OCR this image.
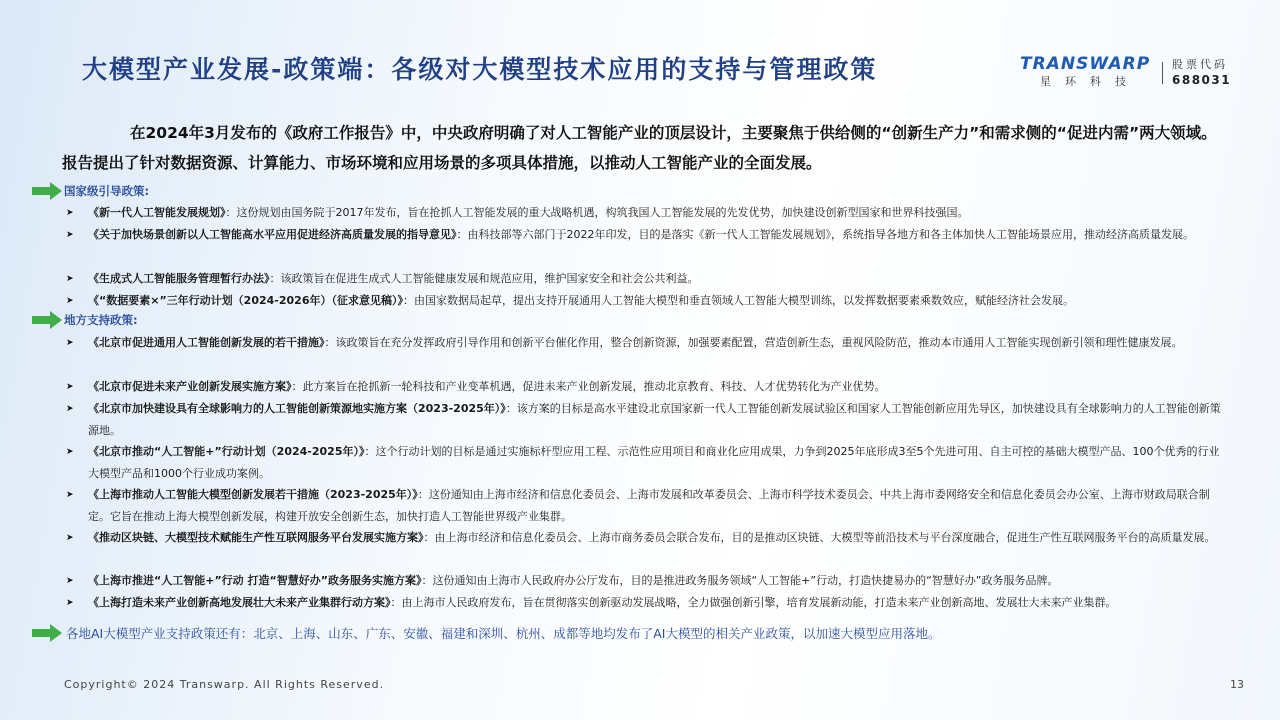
大模型产业发展-政策端：各级对大模型技术应用的支持与管理政策	TRANSWARP
星环科技
股票代码
688031
在2024年3月发布的《政府工作报告》中，中央政府明确了对人工智能产业的顶层设计，主要聚焦于供给侧的“创新生产力”和需求侧的“促进内需”两大领域。报告提出了针对数据资源、计算能力、市场环境和应用场景的多项具体措施，以推动人工智能产业的全面发展。
国家级引导政策:
➤	《新一代人工智能发展规划》：这份规划由国务院于2017年发布，旨在抢抓人工智能发展的重大战略机遇，构筑我国人工智能发展的先发优势，加快建设创新型国家和世界科技强国。
➤	《关于加快场景创新以人工智能高水平应用促进经济高质量发展的指导意见》：由科技部等六部门于2022年印发，目的是落实《新一代人工智能发展规划》，系统指导各地方和各主体加快人工智能场景应用，推动经济高质量发展。
➤	《生成式人工智能服务管理暂行办法》：该政策旨在促进生成式人工智能健康发展和规范应用，维护国家安全和社会公共利益。
➤	《“数据要素×”三年行动计划（2024-2026年）（征求意见稿）》：由国家数据局起草，提出支持开展通用人工智能大模型和垂直领域人工智能大模型训练，以发挥数据要素乘数效应，赋能经济社会发展。
地方支持政策:
➤	《北京市促进通用人工智能创新发展的若干措施》：该政策旨在充分发挥政府引导作用和创新平台催化作用，整合创新资源，加强要素配置，营造创新生态，重视风险防范，推动本市通用人工智能实现创新引领和理性健康发展。
➤	《北京市促进未来产业创新发展实施方案》：此方案旨在抢抓新一轮科技和产业变革机遇，促进未来产业创新发展，推动北京教育、科技、人才优势转化为产业优势。
➤	《北京市加快建设具有全球影响力的人工智能创新策源地实施方案（2023-2025年）》：该方案的目标是高水平建设北京国家新一代人工智能创新发展试验区和国家人工智能创新应用先导区，加快建设具有全球影响力的人工智能创新策源地。
➤	《北京市推动“人工智能+”行动计划（2024-2025年）》：这个行动计划的目标是通过实施标杆型应用工程、示范性应用项目和商业化应用成果，力争到2025年底形成3至5个先进可用、自主可控的基础大模型产品、100个优秀的行业大模型产品和1000个行业成功案例。
➤	《上海市推动人工智能大模型创新发展若干措施（2023-2025年）》：这份通知由上海市经济和信息化委员会、上海市发展和改革委员会、上海市科学技术委员会、中共上海市委网络安全和信息化委员会办公室、上海市财政局联合制定。它旨在推动上海大模型创新发展，构建开放安全创新生态，加快打造人工智能世界级产业集群。
➤	《推动区块链、大模型技术赋能生产性互联网服务平台发展实施方案》：由上海市经济和信息化委员会、上海市商务委员会联合发布，目的是推动区块链、大模型等前沿技术与平台深度融合，促进生产性互联网服务平台的高质量发展。
➤	《上海市推进“人工智能+”行动 打造“智慧好办”政务服务实施方案》：这份通知由上海市人民政府办公厅发布，目的是推进政务服务领域“人工智能+”行动，打造快捷易办的“智慧好办”政务服务品牌。
➤	《上海打造未来产业创新高地发展壮大未来产业集群行动方案》：由上海市人民政府发布，旨在贯彻落实创新驱动发展战略，全力做强创新引擎，培育发展新动能，打造未来产业创新高地、发展壮大未来产业集群。
各地AI大模型产业支持政策还有：北京、上海、山东、广东、安徽、福建和深圳、杭州、成都等地均发布了AI大模型的相关产业政策，以加速大模型应用落地。
Copyright© 2024 Transwarp. All Rights Reserved.	13
